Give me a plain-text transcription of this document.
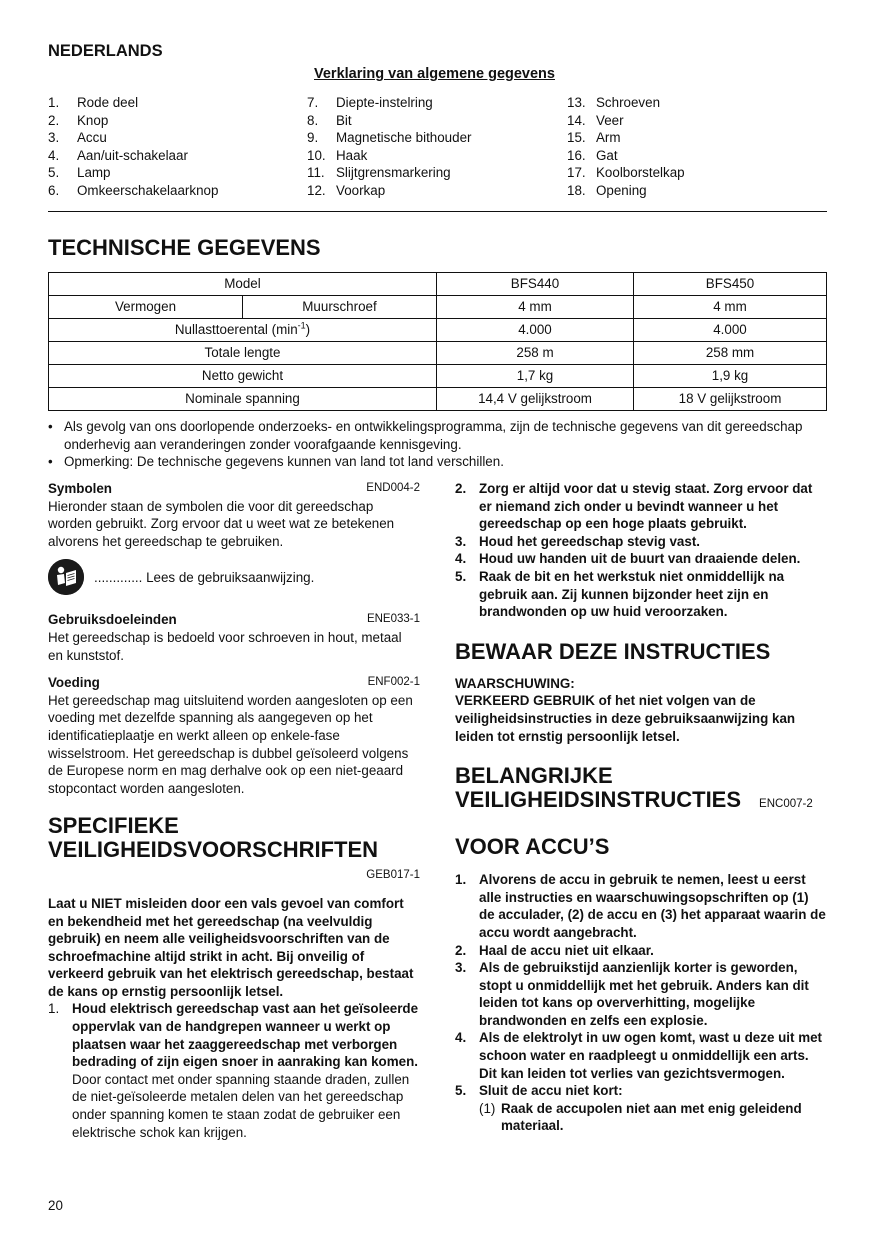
NEDERLANDS
Verklaring van algemene gegevens
1.	Rode deel
2.	Knop
3.	Accu
4.	Aan/uit-schakelaar
5.	Lamp
6.	Omkeerschakelaarknop
7.	Diepte-instelring
8.	Bit
9.	Magnetische bithouder
10. Haak
11. Slijtgrensmarkering
12. Voorkap
13. Schroeven
14. Veer
15. Arm
16. Gat
17. Koolborstelkap
18. Opening
TECHNISCHE GEGEVENS
Model		BFS440	BFS450
Vermogen	Muurschroef	4 mm	4 mm
Nullasttoerental $(\min^{-1})$		4.000	4.000
Totale lengte		258 m	258 mm
Netto gewicht		1,7 kg	1,9 kg
Nominale spanning		14,4 V gelijkstroom	18 V gelijkstroom
• Als gevolg van ons doorlopende onderzoeks- en ontwikkelingsprogramma, zijn de technische gegevens van dit gereedschap onderhevig aan veranderingen zonder voorafgaande kennisgeving.
• Opmerking: De technische gegevens kunnen van land tot land verschillen.
Symbolen	END004-2
Hieronder staan de symbolen die voor dit gereedschap worden gebruikt. Zorg ervoor dat u weet wat ze betekenen alvorens het gereedschap te gebruiken.
............. Lees de gebruiksaanwijzing.
Gebruiksdoeleinden	ENE033-1
Het gereedschap is bedoeld voor schroeven in hout, metaal en kunststof.
Voeding	ENF002-1
Het gereedschap mag uitsluitend worden aangesloten op een voeding met dezelfde spanning als aangegeven op het identificatieplaatje en werkt alleen op enkele-fase wisselstroom. Het gereedschap is dubbel geïsoleerd volgens de Europese norm en mag derhalve ook op een niet-geaard stopcontact worden aangesloten.
SPECIFIEKE
VEILIGHEIDSVOORSCHRIFTEN
GEB017-1
Laat u NIET misleiden door een vals gevoel van comfort en bekendheid met het gereedschap (na veelvuldig gebruik) en neem alle veiligheidsvoorschriften van de schroefmachine altijd strikt in acht. Bij onveilig of verkeerd gebruik van het elektrisch gereedschap, bestaat de kans op ernstig persoonlijk letsel.
1. Houd elektrisch gereedschap vast aan het geïsoleerde oppervlak van de handgrepen wanneer u werkt op plaatsen waar het zaaggereedschap met verborgen bedrading of zijn eigen snoer in aanraking kan komen. Door contact met onder spanning staande draden, zullen de niet-geïsoleerde metalen delen van het gereedschap onder spanning komen te staan zodat de gebruiker een elektrische schok kan krijgen.
2. Zorg er altijd voor dat u stevig staat. Zorg ervoor dat er niemand zich onder u bevindt wanneer u het gereedschap op een hoge plaats gebruikt.
3. Houd het gereedschap stevig vast.
4. Houd uw handen uit de buurt van draaiende delen.
5. Raak de bit en het werkstuk niet onmiddellijk na gebruik aan. Zij kunnen bijzonder heet zijn en brandwonden op uw huid veroorzaken.
BEWAAR DEZE INSTRUCTIES
WAARSCHUWING:
VERKEERD GEBRUIK of het niet volgen van de veiligheidsinstructies in deze gebruiksaanwijzing kan leiden tot ernstig persoonlijk letsel.
BELANGRIJKE
VEILIGHEIDSINSTRUCTIES ENC007-2
VOOR ACCU’S
1. Alvorens de accu in gebruik te nemen, leest u eerst alle instructies en waarschuwingsopschriften op (1) de acculader, (2) de accu en (3) het apparaat waarin de accu wordt aangebracht.
2. Haal de accu niet uit elkaar.
3. Als de gebruikstijd aanzienlijk korter is geworden, stopt u onmiddellijk met het gebruik. Anders kan dit leiden tot kans op oververhitting, mogelijke brandwonden en zelfs een explosie.
4. Als de elektrolyt in uw ogen komt, wast u deze uit met schoon water en raadpleegt u onmiddellijk een arts. Dit kan leiden tot verlies van gezichtsvermogen.
5. Sluit de accu niet kort:
(1) Raak de accupolen niet aan met enig geleidend materiaal.
20
